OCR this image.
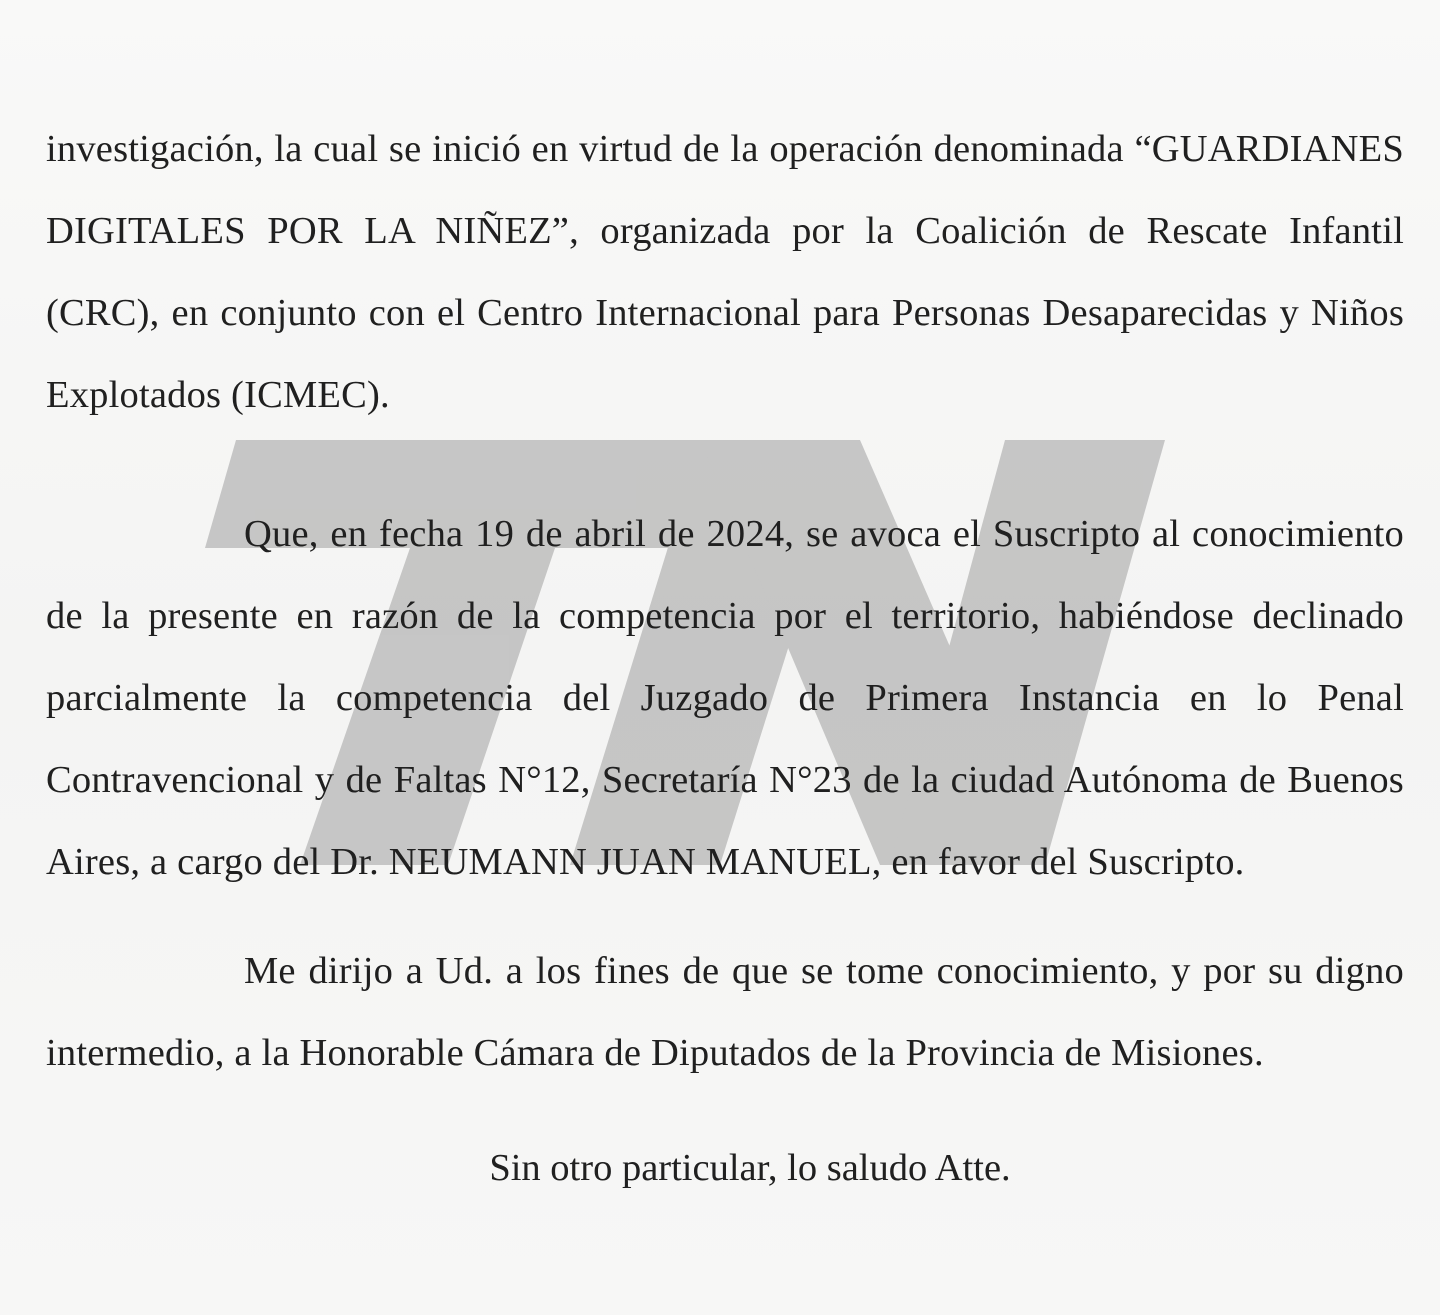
investigación, la cual se inició en virtud de la operación denominada “GUARDIANES DIGITALES POR LA NIÑEZ”, organizada por la Coalición de Rescate Infantil (CRC), en conjunto con el Centro Internacional para Personas Desaparecidas y Niños Explotados (ICMEC).
Que, en fecha 19 de abril de 2024, se avoca el Suscripto al conocimiento de la presente en razón de la competencia por el territorio, habiéndose declinado parcialmente la competencia del Juzgado de Primera Instancia en lo Penal Contravencional y de Faltas N°12, Secretaría N°23 de la ciudad Autónoma de Buenos Aires, a cargo del Dr. NEUMANN JUAN MANUEL, en favor del Suscripto.
Me dirijo a Ud. a los fines de que se tome conocimiento, y por su digno intermedio, a la Honorable Cámara de Diputados de la Provincia de Misiones.
Sin otro particular, lo saludo Atte.
